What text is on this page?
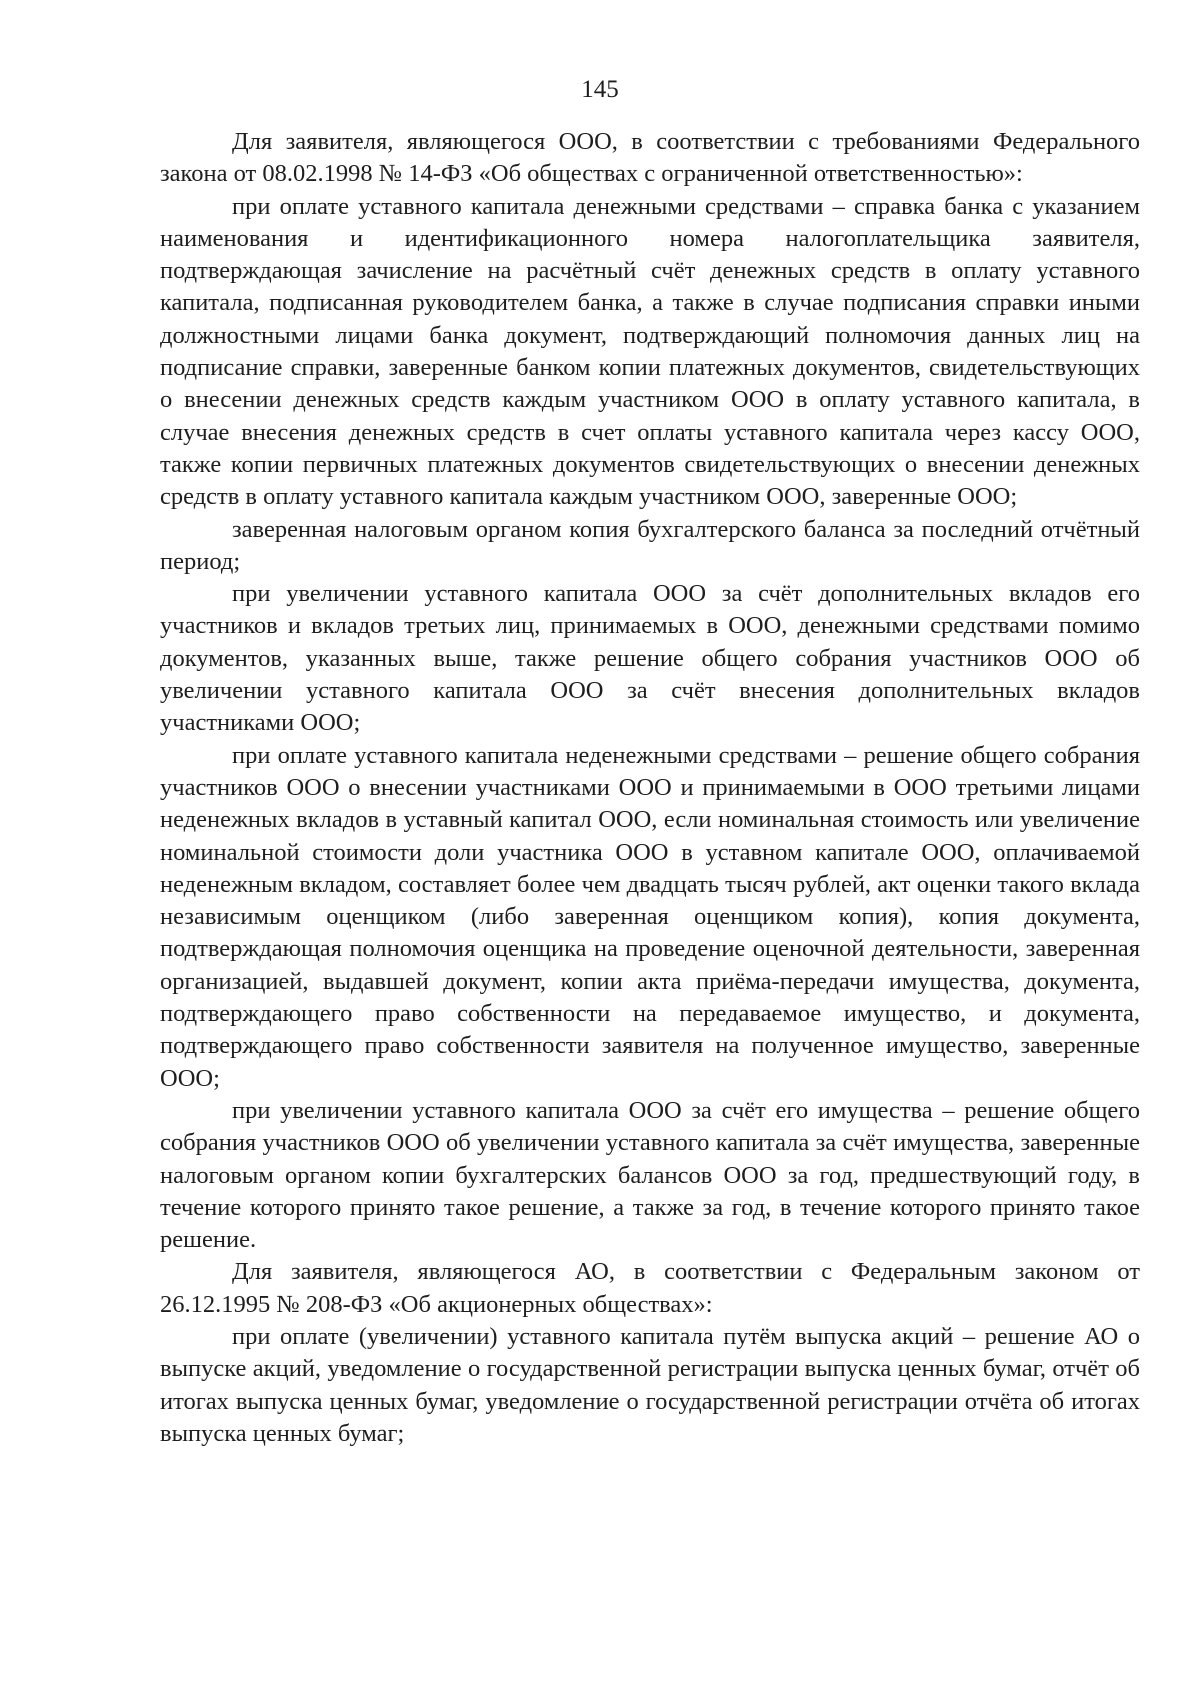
145

Для заявителя, являющегося ООО, в соответствии с требованиями Федерального закона от 08.02.1998 № 14-ФЗ «Об обществах с ограниченной ответственностью»:

при оплате уставного капитала денежными средствами – справка банка с указанием наименования и идентификационного номера налогоплательщика заявителя, подтверждающая зачисление на расчётный счёт денежных средств в оплату уставного капитала, подписанная руководителем банка, а также в случае подписания справки иными должностными лицами банка документ, подтверждающий полномочия данных лиц на подписание справки, заверенные банком копии платежных документов, свидетельствующих о внесении денежных средств каждым участником ООО в оплату уставного капитала, в случае внесения денежных средств в счет оплаты уставного капитала через кассу ООО, также копии первичных платежных документов свидетельствующих о внесении денежных средств в оплату уставного капитала каждым участником ООО, заверенные ООО;

заверенная налоговым органом копия бухгалтерского баланса за последний отчётный период;

при увеличении уставного капитала ООО за счёт дополнительных вкладов его участников и вкладов третьих лиц, принимаемых в ООО, денежными средствами помимо документов, указанных выше, также решение общего собрания участников ООО об увеличении уставного капитала ООО за счёт внесения дополнительных вкладов участниками ООО;

при оплате уставного капитала неденежными средствами – решение общего собрания участников ООО о внесении участниками ООО и принимаемыми в ООО третьими лицами неденежных вкладов в уставный капитал ООО, если номинальная стоимость или увеличение номинальной стоимости доли участника ООО в уставном капитале ООО, оплачиваемой неденежным вкладом, составляет более чем двадцать тысяч рублей, акт оценки такого вклада независимым оценщиком (либо заверенная оценщиком копия), копия документа, подтверждающая полномочия оценщика на проведение оценочной деятельности, заверенная организацией, выдавшей документ, копии акта приёма-передачи имущества, документа, подтверждающего право собственности на передаваемое имущество, и документа, подтверждающего право собственности заявителя на полученное имущество, заверенные ООО;

при увеличении уставного капитала ООО за счёт его имущества – решение общего собрания участников ООО об увеличении уставного капитала за счёт имущества, заверенные налоговым органом копии бухгалтерских балансов ООО за год, предшествующий году, в течение которого принято такое решение, а также за год, в течение которого принято такое решение.

Для заявителя, являющегося АО, в соответствии с Федеральным законом от 26.12.1995 № 208-ФЗ «Об акционерных обществах»:

при оплате (увеличении) уставного капитала путём выпуска акций – решение АО о выпуске акций, уведомление о государственной регистрации выпуска ценных бумаг, отчёт об итогах выпуска ценных бумаг, уведомление о государственной регистрации отчёта об итогах выпуска ценных бумаг;
